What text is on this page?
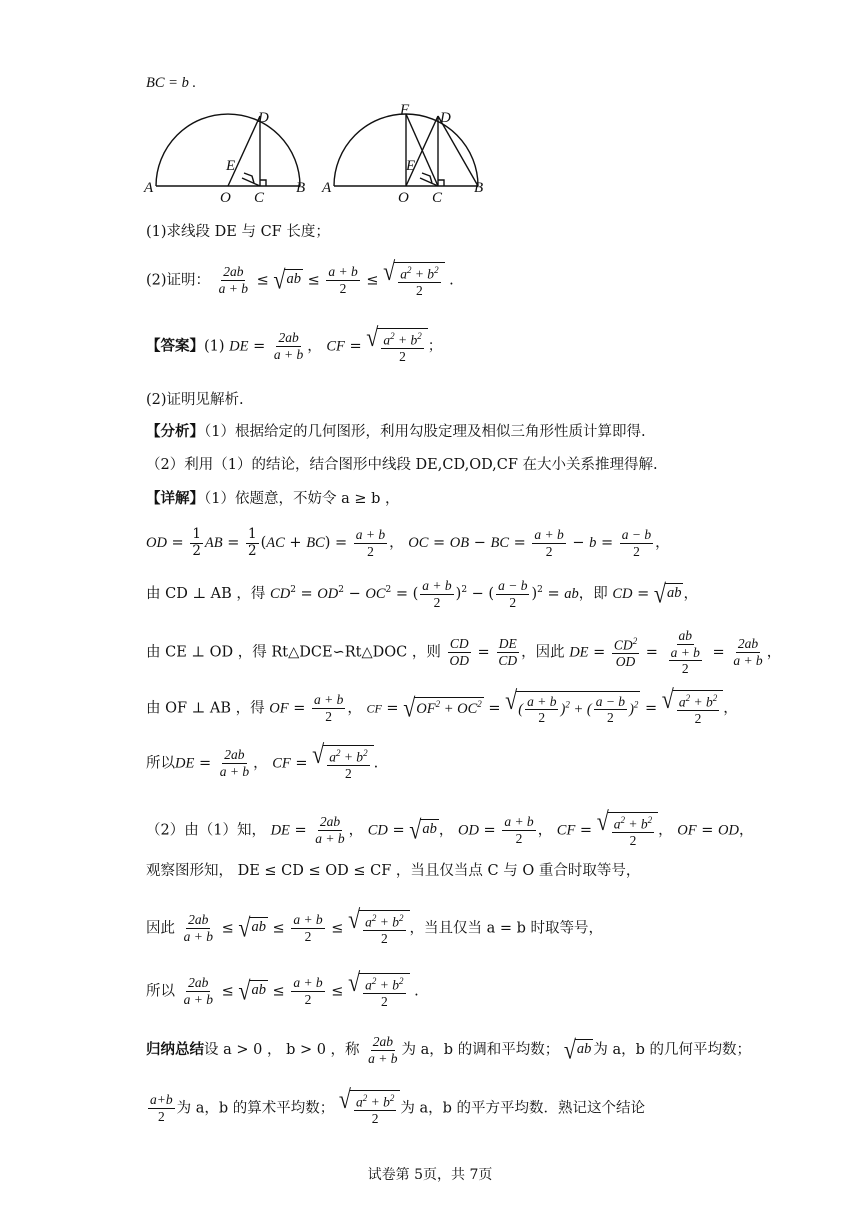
BC = b .
A
O C
B
D
E
A
O C
B
D
E
F
(1)求线段 DE 与 CF 长度；
(2)证明： $\frac{2ab}{a + b}$ ≤ √ ab ≤ $\frac{a + b}{2}$ ≤ √ $\frac{a^2 + b^2}{2}$ .
【答案】(1) DE = $\frac{2ab}{a + b}$ ， CF = √ $\frac{a^2 + b^2}{2}$ ；
(2)证明见解析.
【分析】（1）根据给定的几何图形，利用勾股定理及相似三角形性质计算即得.
（2）利用（1）的结论，结合图形中线段 DE,CD,OD,CF 在大小关系推理得解.
【详解】（1）依题意，不妨令 a ≥ b ，
OD = $\frac{1}{2}$ AB = $\frac{1}{2} (AC + BC) = \frac{a + b}{2}$ ， OC = OB − BC = $\frac{a + b}{2} - b = \frac{a - b}{2}$ ，
由 CD ⊥ AB ，得 $CD^2 = OD^2 - OC^2$ = ( $\frac{a + b}{2} )^2$ − ( $\frac{a - b}{2} )^2$ = ab，即 CD = √ ab ，
由 CE ⊥ OD ，得 Rt△DCE∽Rt△DOC ，则 $\frac{CD}{OD} = \frac{DE}{CD}$ ，因此 DE = $\frac{CD^2}{OD} = \frac{ab}{\frac{a + b}{2}} = \frac{2ab}{a + b}$ ，
由 OF ⊥ AB ，得 OF = $\frac{a + b}{2}$ ， CF = √ $OF^2 + OC^2$ = √ ( $\frac{a + b}{2} )^2$ + ( $\frac{a - b}{2} )^2$ = √ $\frac{a^2 + b^2}{2}$ ，
所以DE = $\frac{2ab}{a + b}$ ， CF = √ $\frac{a^2 + b^2}{2}$ .
（2）由（1）知， DE = $\frac{2ab}{a + b}$ ， CD = √ ab ， OD = $\frac{a + b}{2}$ ， CF = √ $\frac{a^2 + b^2}{2}$ ， OF = OD，
观察图形知， DE ≤ CD ≤ OD ≤ CF ，当且仅当点 C 与 O 重合时取等号，
因此 $\frac{2ab}{a + b}$ ≤ √ ab ≤ $\frac{a + b}{2}$ ≤ √ $\frac{a^2 + b^2}{2}$ ，当且仅当 a = b 时取等号，
所以 $\frac{2ab}{a + b}$ ≤ √ ab ≤ $\frac{a + b}{2}$ ≤ √ $\frac{a^2 + b^2}{2}$ .
归纳总结设 a > 0 ， b > 0 ，称 $\frac{2ab}{a + b}$ 为 a，b 的调和平均数； √ ab 为 a，b 的几何平均数；
$\frac{a+b}{2}$ 为 a，b 的算术平均数； √ $\frac{a^2 + b^2}{2}$ 为 a，b 的平方平均数．熟记这个结论
试卷第 5页，共 7页
